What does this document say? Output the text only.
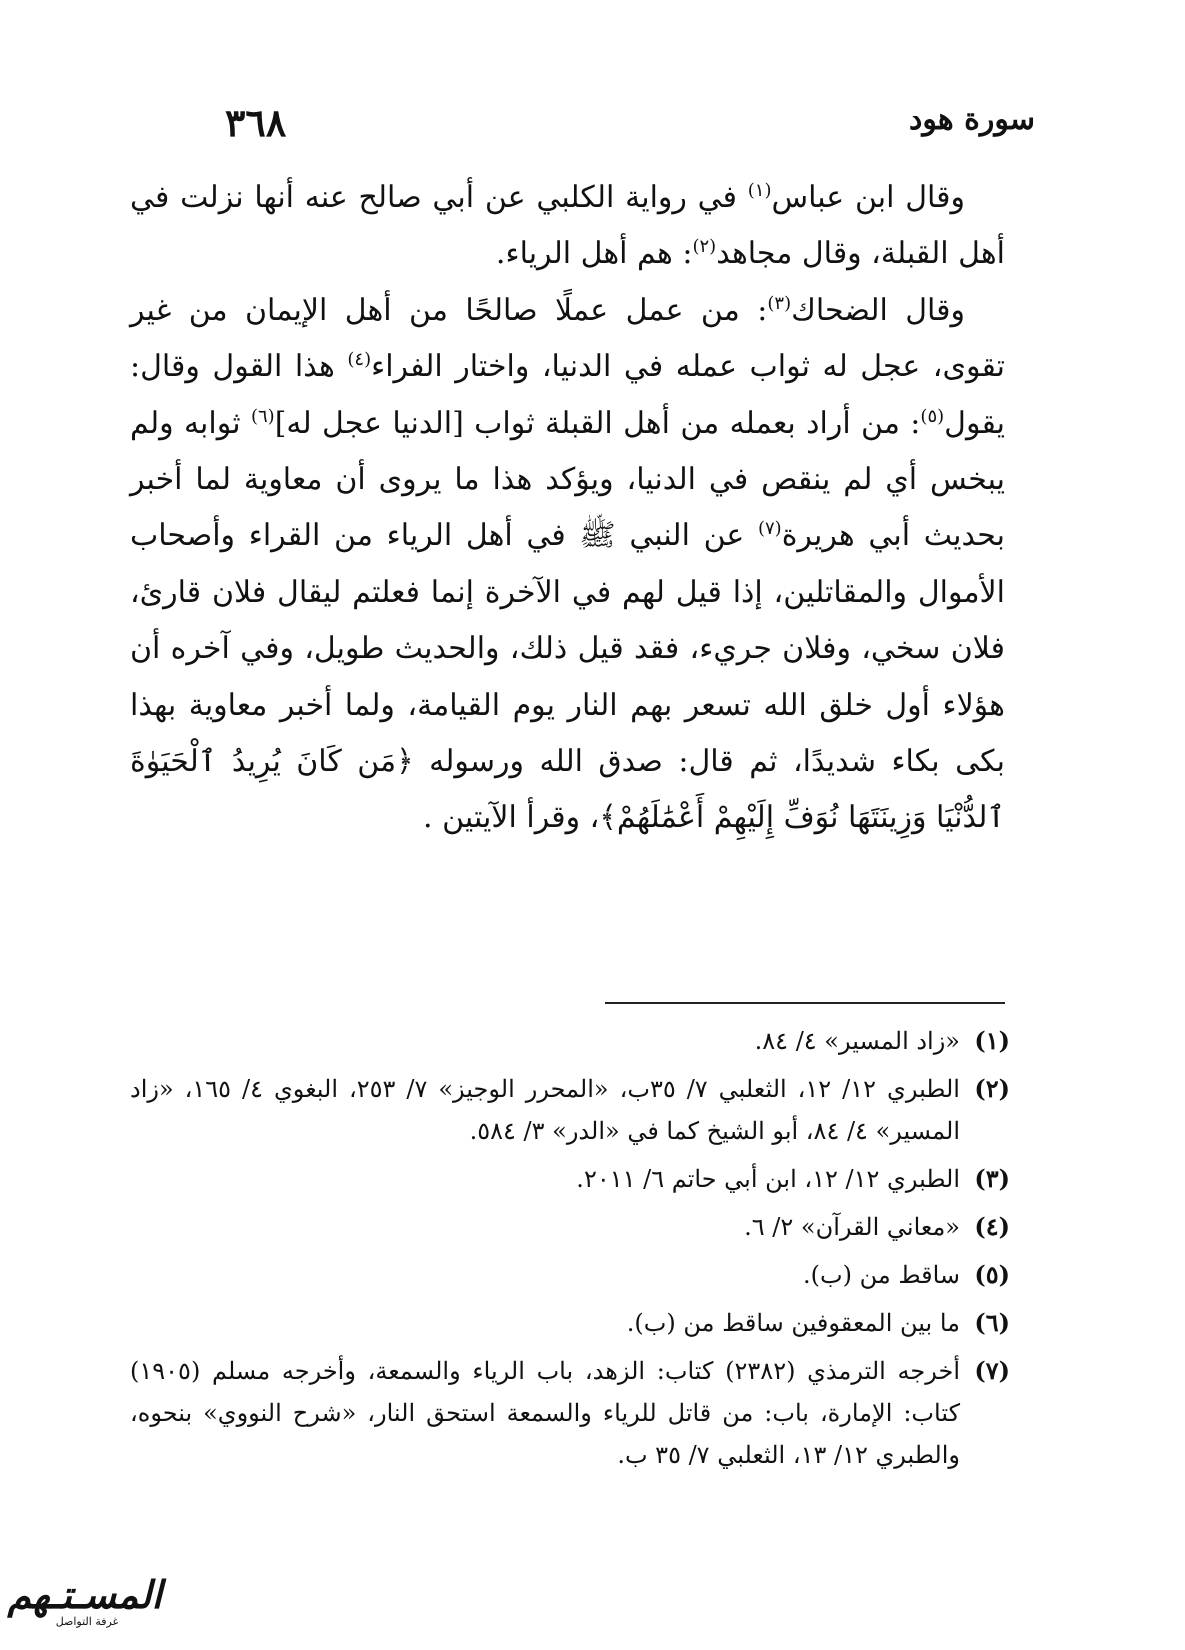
٣٦٨	سورة هود

وقال ابن عباس$^{(١)}$ في رواية الكلبي عن أبي صالح عنه أنها نزلت في أهل القبلة، وقال مجاهد$^{(٢)}$: هم أهل الرياء.

وقال الضحاك$^{(٣)}$: من عمل عملًا صالحًا من أهل الإيمان من غير تقوى، عجل له ثواب عمله في الدنيا، واختار الفراء$^{(٤)}$ هذا القول وقال: يقول$^{(٥)}$: من أراد بعمله من أهل القبلة ثواب [الدنيا عجل له]$^{(٦)}$ ثوابه ولم يبخس أي لم ينقص في الدنيا، ويؤكد هذا ما يروى أن معاوية لما أخبر بحديث أبي هريرة$^{(٧)}$ عن النبي ﷺ في أهل الرياء من القراء وأصحاب الأموال والمقاتلين، إذا قيل لهم في الآخرة إنما فعلتم ليقال فلان قارئ، فلان سخي، وفلان جريء، فقد قيل ذلك، والحديث طويل، وفي آخره أن هؤلاء أول خلق الله تسعر بهم النار يوم القيامة، ولما أخبر معاوية بهذا بكى بكاء شديدًا، ثم قال: صدق الله ورسوله ﴿مَن كَانَ يُرِيدُ ٱلْحَيَوٰةَ ٱلدُّنْيَا وَزِينَتَهَا نُوَفِّ إِلَيْهِمْ أَعْمَٰلَهُمْ﴾، وقرأ الآيتين .

(١)
«زاد المسير» ٤/ ٨٤.
(٢)
الطبري ١٢/ ١٢، الثعلبي ٧/ ٣٥ب، «المحرر الوجيز» ٧/ ٢٥٣، البغوي ٤/ ١٦٥، «زاد المسير» ٤/ ٨٤، أبو الشيخ كما في «الدر» ٣/ ٥٨٤.
(٣)
الطبري ١٢/ ١٢، ابن أبي حاتم ٦/ ٢٠١١.
(٤)
«معاني القرآن» ٢/ ٦.
(٥)
ساقط من (ب).
(٦)
ما بين المعقوفين ساقط من (ب).
(٧)
أخرجه الترمذي (٢٣٨٢) كتاب: الزهد، باب الرياء والسمعة، وأخرجه مسلم (١٩٠٥) كتاب: الإمارة، باب: من قاتل للرياء والسمعة استحق النار، «شرح النووي» بنحوه، والطبري ١٢/ ١٣، الثعلبي ٧/ ٣٥ ب.
المسـتـهم
غرفة التواصل
